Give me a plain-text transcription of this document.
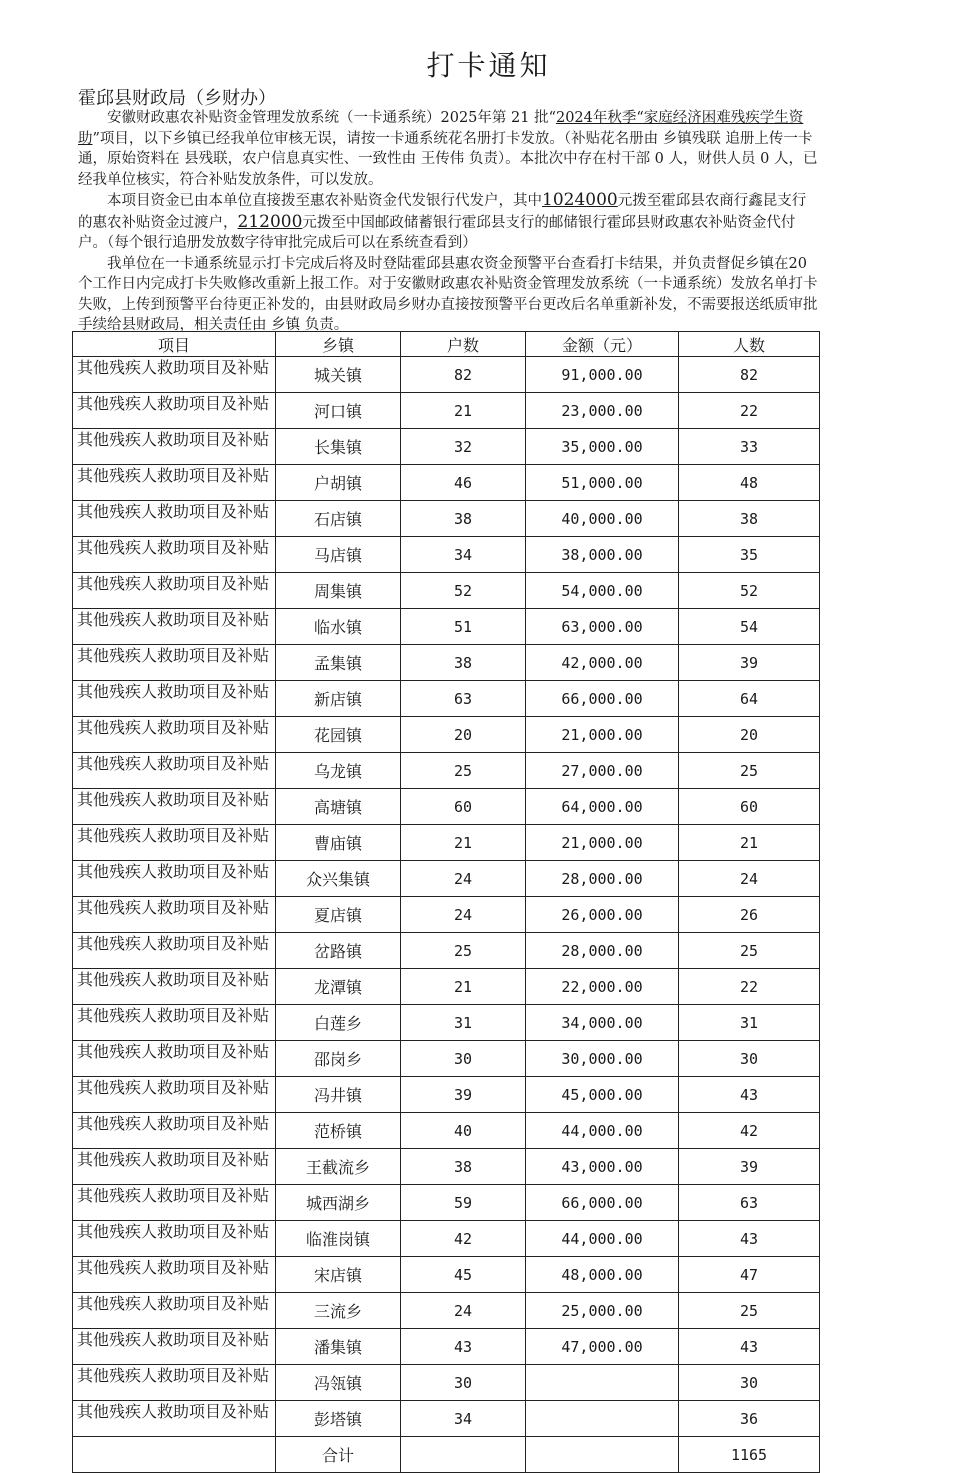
打卡通知
霍邱县财政局（乡财办）

安徽财政惠农补贴资金管理发放系统（一卡通系统）2025年第 21 批“2024年秋季“家庭经济困难残疾学生资助”项目，以下乡镇已经我单位审核无误，请按一卡通系统花名册打卡发放。（补贴花名册由 乡镇残联 追册上传一卡通，原始资料在 县残联，农户信息真实性、一致性由 王传伟 负责）。本批次中存在村干部 0 人，财供人员 0 人，已经我单位核实，符合补贴发放条件，可以发放。

本项目资金已由本单位直接拨至惠农补贴资金代发银行代发户，其中1024000元拨至霍邱县农商行鑫昆支行的惠农补贴资金过渡户，212000元拨至中国邮政储蓄银行霍邱县支行的邮储银行霍邱县财政惠农补贴资金代付户。（每个银行追册发放数字待审批完成后可以在系统查看到）

我单位在一卡通系统显示打卡完成后将及时登陆霍邱县惠农资金预警平台查看打卡结果，并负责督促乡镇在20个工作日内完成打卡失败修改重新上报工作。对于安徽财政惠农补贴资金管理发放系统（一卡通系统）发放名单打卡失败，上传到预警平台待更正补发的，由县财政局乡财办直接按预警平台更改后名单重新补发，不需要报送纸质审批手续给县财政局，相关责任由 乡镇 负责。

项目	乡镇	户数	金额（元）	人数
其他残疾人救助项目及补贴	城关镇	82	91,000.00	82
其他残疾人救助项目及补贴	河口镇	21	23,000.00	22
其他残疾人救助项目及补贴	长集镇	32	35,000.00	33
其他残疾人救助项目及补贴	户胡镇	46	51,000.00	48
其他残疾人救助项目及补贴	石店镇	38	40,000.00	38
其他残疾人救助项目及补贴	马店镇	34	38,000.00	35
其他残疾人救助项目及补贴	周集镇	52	54,000.00	52
其他残疾人救助项目及补贴	临水镇	51	63,000.00	54
其他残疾人救助项目及补贴	孟集镇	38	42,000.00	39
其他残疾人救助项目及补贴	新店镇	63	66,000.00	64
其他残疾人救助项目及补贴	花园镇	20	21,000.00	20
其他残疾人救助项目及补贴	乌龙镇	25	27,000.00	25
其他残疾人救助项目及补贴	高塘镇	60	64,000.00	60
其他残疾人救助项目及补贴	曹庙镇	21	21,000.00	21
其他残疾人救助项目及补贴	众兴集镇	24	28,000.00	24
其他残疾人救助项目及补贴	夏店镇	24	26,000.00	26
其他残疾人救助项目及补贴	岔路镇	25	28,000.00	25
其他残疾人救助项目及补贴	龙潭镇	21	22,000.00	22
其他残疾人救助项目及补贴	白莲乡	31	34,000.00	31
其他残疾人救助项目及补贴	邵岗乡	30	30,000.00	30
其他残疾人救助项目及补贴	冯井镇	39	45,000.00	43
其他残疾人救助项目及补贴	范桥镇	40	44,000.00	42
其他残疾人救助项目及补贴	王截流乡	38	43,000.00	39
其他残疾人救助项目及补贴	城西湖乡	59	66,000.00	63
其他残疾人救助项目及补贴	临淮岗镇	42	44,000.00	43
其他残疾人救助项目及补贴	宋店镇	45	48,000.00	47
其他残疾人救助项目及补贴	三流乡	24	25,000.00	25
其他残疾人救助项目及补贴	潘集镇	43	47,000.00	43
其他残疾人救助项目及补贴	冯瓴镇	30		30
其他残疾人救助项目及补贴	彭塔镇	34		36
	合计			1165
